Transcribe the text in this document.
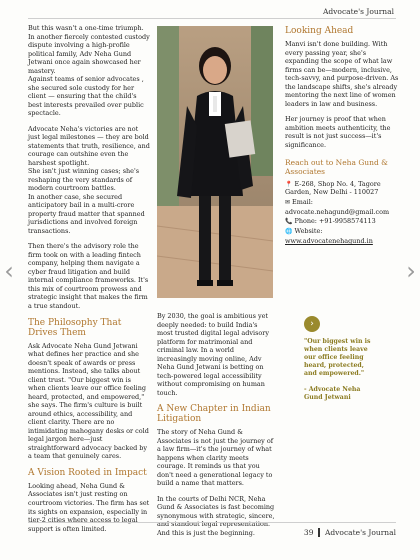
Advocate's Journal

But this wasn't a one-time triumph. In another fiercely contested custody dispute involving a high-profile political family, Adv Neha Gund Jetwani once again showcased her mastery.
Against teams of senior advocates , she secured sole custody for her client — ensuring that the child's best interests prevailed over public spectacle.

Advocate Neha's victories are not just legal milestones — they are bold statements that truth, resilience, and courage can outshine even the harshest spotlight.
She isn't just winning cases; she's reshaping the very standards of modern courtroom battles.
In another case, she secured anticipatory bail in a multi-crore property fraud matter that spanned jurisdictions and involved foreign transactions.

Then there's the advisory role the firm took on with a leading fintech company, helping them navigate a cyber fraud litigation and build internal compliance frameworks. It's this mix of courtroom prowess and strategic insight that makes the firm a true standout.

The Philosophy That Drives Them

Ask Advocate Neha Gund Jetwani what defines her practice and she doesn't speak of awards or press mentions. Instead, she talks about client trust. "Our biggest win is when clients leave our office feeling heard, protected, and empowered," she says. The firm's culture is built around ethics, accessibility, and client clarity. There are no intimidating mahogany desks or cold legal jargon here—just straightforward advocacy backed by a team that genuinely cares.

A Vision Rooted in Impact

Looking ahead, Neha Gund & Associates isn't just resting on courtroom victories. The firm has set its sights on expansion, especially in tier-2 cities where access to legal support is often limited.

By 2030, the goal is ambitious yet deeply needed: to build India's most trusted digital legal advisory platform for matrimonial and criminal law. In a world increasingly moving online, Adv Neha Gund Jetwani is betting on tech-powered legal accessibility without compromising on human touch.

A New Chapter in Indian Litigation

The story of Neha Gund & Associates is not just the journey of a law firm—it's the journey of what happens when clarity meets courage. It reminds us that you don't need a generational legacy to build a name that matters.

In the courts of Delhi NCR, Neha Gund & Associates is fast becoming synonymous with strategic, sincere, and standout legal representation. And this is just the beginning.

Looking Ahead

Manvi isn't done building. With every passing year, she's expanding the scope of what law firms can be—modern, inclusive, tech-savvy, and purpose-driven. As the landscape shifts, she's already mentoring the next line of women leaders in law and business.

Her journey is proof that when ambition meets authenticity, the result is not just success—it's significance.

Reach out to Neha Gund & Associates

📍 E-268, Shop No. 4, Tagore Garden, New Delhi - 110027

✉ Email:

advocate.nehagund@gmail.com

📞 Phone: +91-9958574113

🌐 Website:

www.advocatenehagund.in

›
"Our biggest win is when clients leave our office feeling heard, protected, and empowered."
- Advocate Neha Gund Jetwani
39 Advocate's Journal
‹	›
